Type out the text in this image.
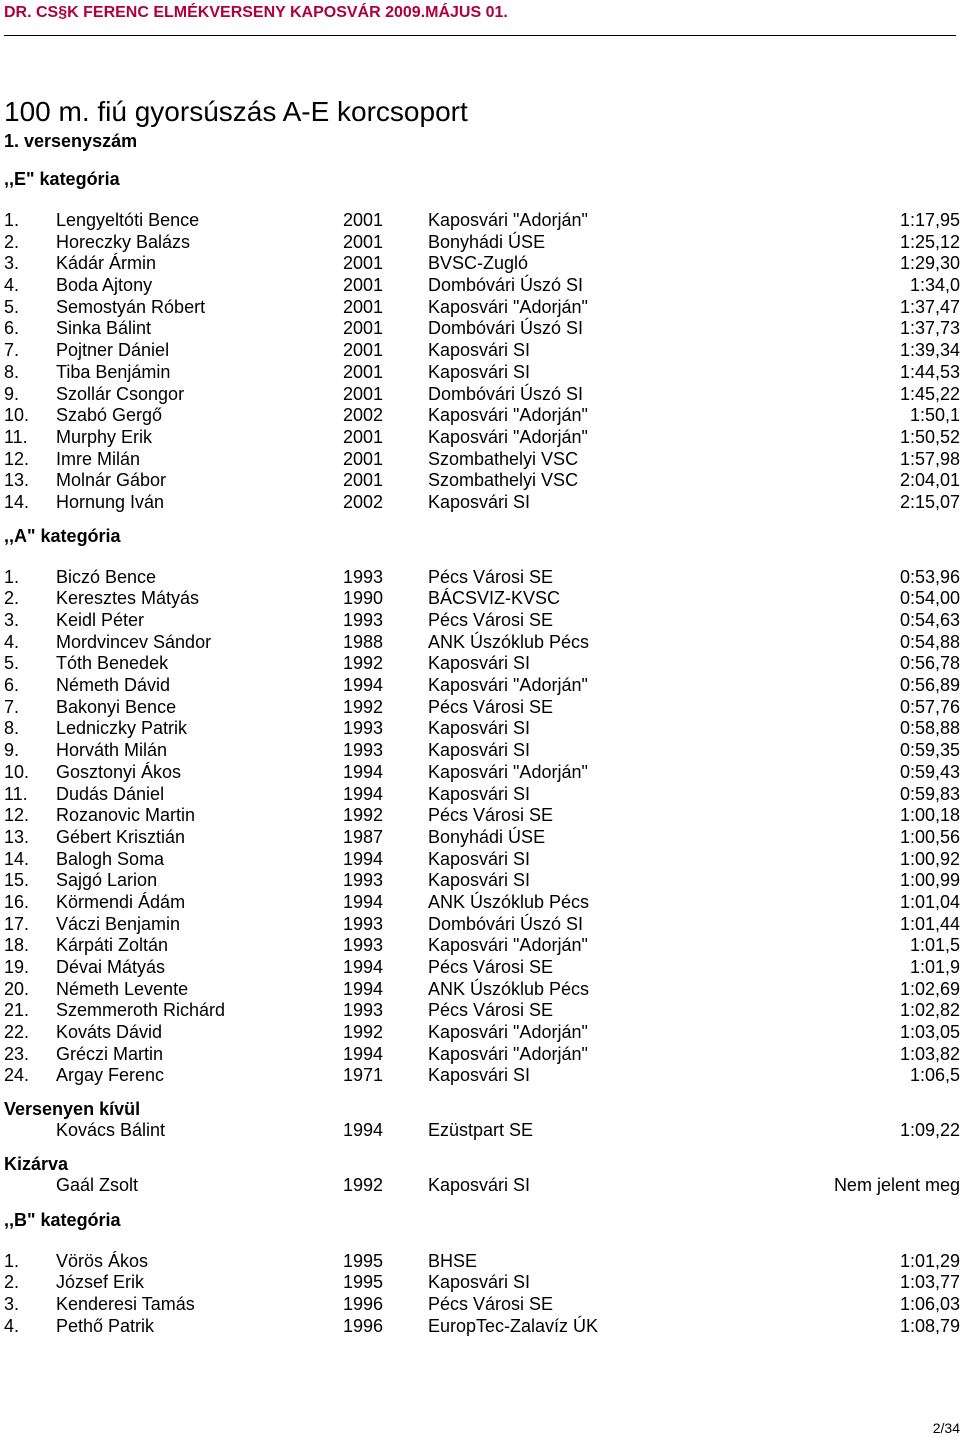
DR. CS§K FERENC ELMÉKVERSENY KAPOSVÁR 2009.MÁJUS 01.
100 m. fiú gyorsúszás A-E korcsoport
1. versenyszám
,,E" kategória
1. Lengyeltóti Bence	2001 Kaposvári "Adorján"	1:17,95
2. Horeczky Balázs	2001 Bonyhádi ÚSE	1:25,12
3. Kádár Ármin	2001 BVSC-Zugló	1:29,30
4. Boda Ajtony	2001 Dombóvári Úszó SI	1:34,0
5. Semostyán Róbert	2001 Kaposvári "Adorján"	1:37,47
6. Sinka Bálint	2001 Dombóvári Úszó SI	1:37,73
7. Pojtner Dániel	2001 Kaposvári SI	1:39,34
8. Tiba Benjámin	2001 Kaposvári SI	1:44,53
9. Szollár Csongor	2001 Dombóvári Úszó SI	1:45,22
10. Szabó Gergő	2002 Kaposvári "Adorján"	1:50,1
11. Murphy Erik	2001 Kaposvári "Adorján"	1:50,52
12. Imre Milán	2001 Szombathelyi VSC	1:57,98
13. Molnár Gábor	2001 Szombathelyi VSC	2:04,01
14. Hornung Iván	2002 Kaposvári SI	2:15,07
,,A" kategória
1. Biczó Bence	1993 Pécs Városi SE	0:53,96
2. Keresztes Mátyás	1990 BÁCSVIZ-KVSC	0:54,00
3. Keidl Péter	1993 Pécs Városi SE	0:54,63
4. Mordvincev Sándor	1988 ANK Úszóklub Pécs	0:54,88
5. Tóth Benedek	1992 Kaposvári SI	0:56,78
6. Németh Dávid	1994 Kaposvári "Adorján"	0:56,89
7. Bakonyi Bence	1992 Pécs Városi SE	0:57,76
8. Ledniczky Patrik	1993 Kaposvári SI	0:58,88
9. Horváth Milán	1993 Kaposvári SI	0:59,35
10. Gosztonyi Ákos	1994 Kaposvári "Adorján"	0:59,43
11. Dudás Dániel	1994 Kaposvári SI	0:59,83
12. Rozanovic Martin	1992 Pécs Városi SE	1:00,18
13. Gébert Krisztián	1987 Bonyhádi ÚSE	1:00,56
14. Balogh Soma	1994 Kaposvári SI	1:00,92
15. Sajgó Larion	1993 Kaposvári SI	1:00,99
16. Körmendi Ádám	1994 ANK Úszóklub Pécs	1:01,04
17. Váczi Benjamin	1993 Dombóvári Úszó SI	1:01,44
18. Kárpáti Zoltán	1993 Kaposvári "Adorján"	1:01,5
19. Dévai Mátyás	1994 Pécs Városi SE	1:01,9
20. Németh Levente	1994 ANK Úszóklub Pécs	1:02,69
21. Szemmeroth Richárd	1993 Pécs Városi SE	1:02,82
22. Kováts Dávid	1992 Kaposvári "Adorján"	1:03,05
23. Gréczi Martin	1994 Kaposvári "Adorján"	1:03,82
24. Argay Ferenc	1971 Kaposvári SI	1:06,5
Versenyen kívül
Kovács Bálint	1994 Ezüstpart SE	1:09,22
Kizárva
Gaál Zsolt	1992 Kaposvári SI	Nem jelent meg
,,B" kategória
1. Vörös Ákos	1995 BHSE	1:01,29
2. József Erik	1995 Kaposvári SI	1:03,77
3. Kenderesi Tamás	1996 Pécs Városi SE	1:06,03
4. Pethő Patrik	1996 EuropTec-Zalavíz ÚK	1:08,79
2/34
